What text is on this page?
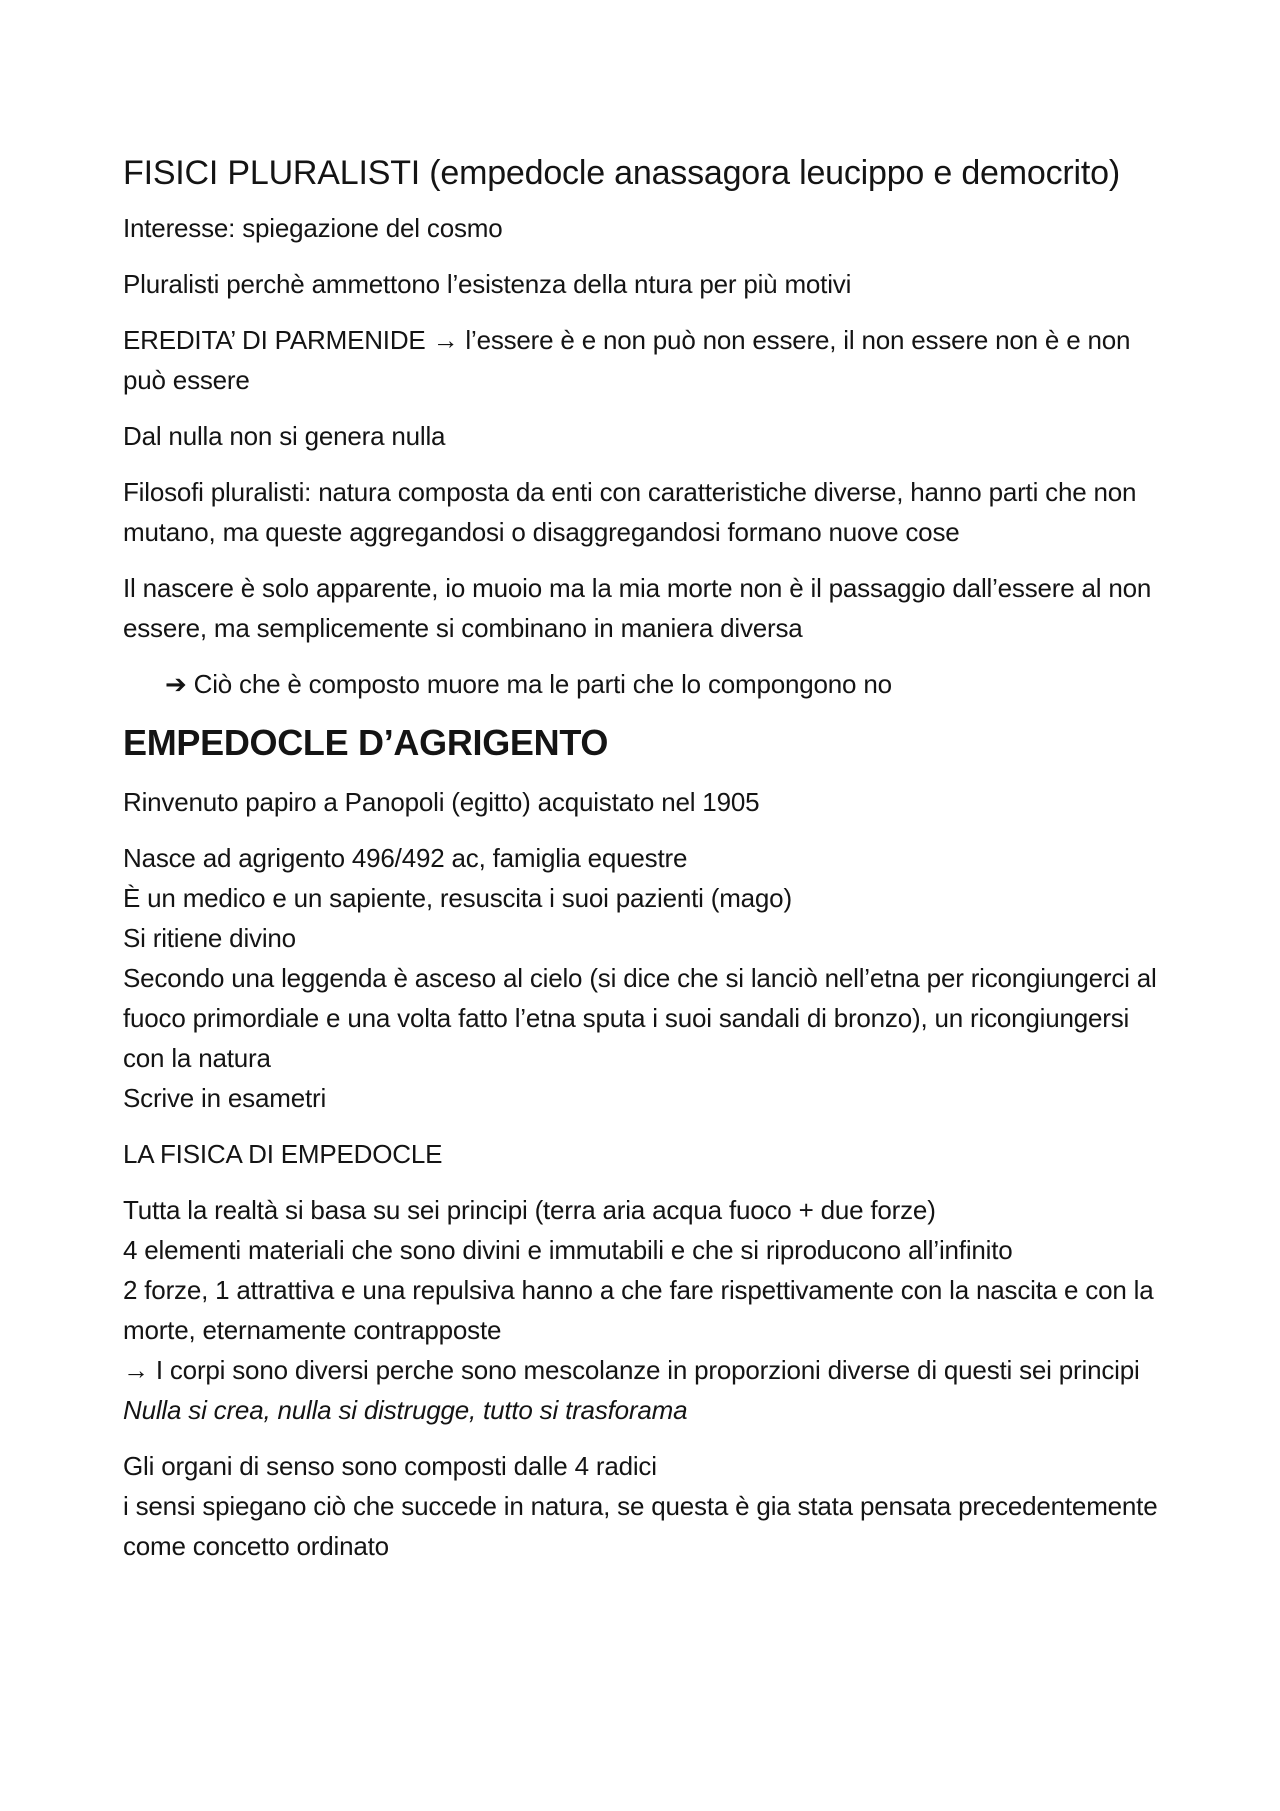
FISICI PLURALISTI (empedocle anassagora leucippo e democrito)

Interesse: spiegazione del cosmo

Pluralisti perchè ammettono l’esistenza della ntura per più motivi

EREDITA’ DI PARMENIDE → l’essere è e non può non essere, il non essere non è e non può essere

Dal nulla non si genera nulla

Filosofi pluralisti: natura composta da enti con caratteristiche diverse, hanno parti che non mutano, ma queste aggregandosi o disaggregandosi formano nuove cose

Il nascere è solo apparente, io muoio ma la mia morte non è il passaggio dall’essere al non essere, ma semplicemente si combinano in maniera diversa

➔ Ciò che è composto muore ma le parti che lo compongono no
EMPEDOCLE D’AGRIGENTO

Rinvenuto papiro a Panopoli (egitto) acquistato nel 1905

Nasce ad agrigento 496/492 ac, famiglia equestre
È un medico e un sapiente, resuscita i suoi pazienti (mago)
Si ritiene divino
Secondo una leggenda è asceso al cielo (si dice che si lanciò nell’etna per ricongiungerci al fuoco primordiale e una volta fatto l’etna sputa i suoi sandali di bronzo), un ricongiungersi con la natura
Scrive in esametri

LA FISICA DI EMPEDOCLE

Tutta la realtà si basa su sei principi (terra aria acqua fuoco + due forze)
4 elementi materiali che sono divini e immutabili e che si riproducono all’infinito
2 forze, 1 attrattiva e una repulsiva hanno a che fare rispettivamente con la nascita e con la morte, eternamente contrapposte
→ I corpi sono diversi perche sono mescolanze in proporzioni diverse di questi sei principi
Nulla si crea, nulla si distrugge, tutto si trasforama

Gli organi di senso sono composti dalle 4 radici
i sensi spiegano ciò che succede in natura, se questa è gia stata pensata precedentemente come concetto ordinato
